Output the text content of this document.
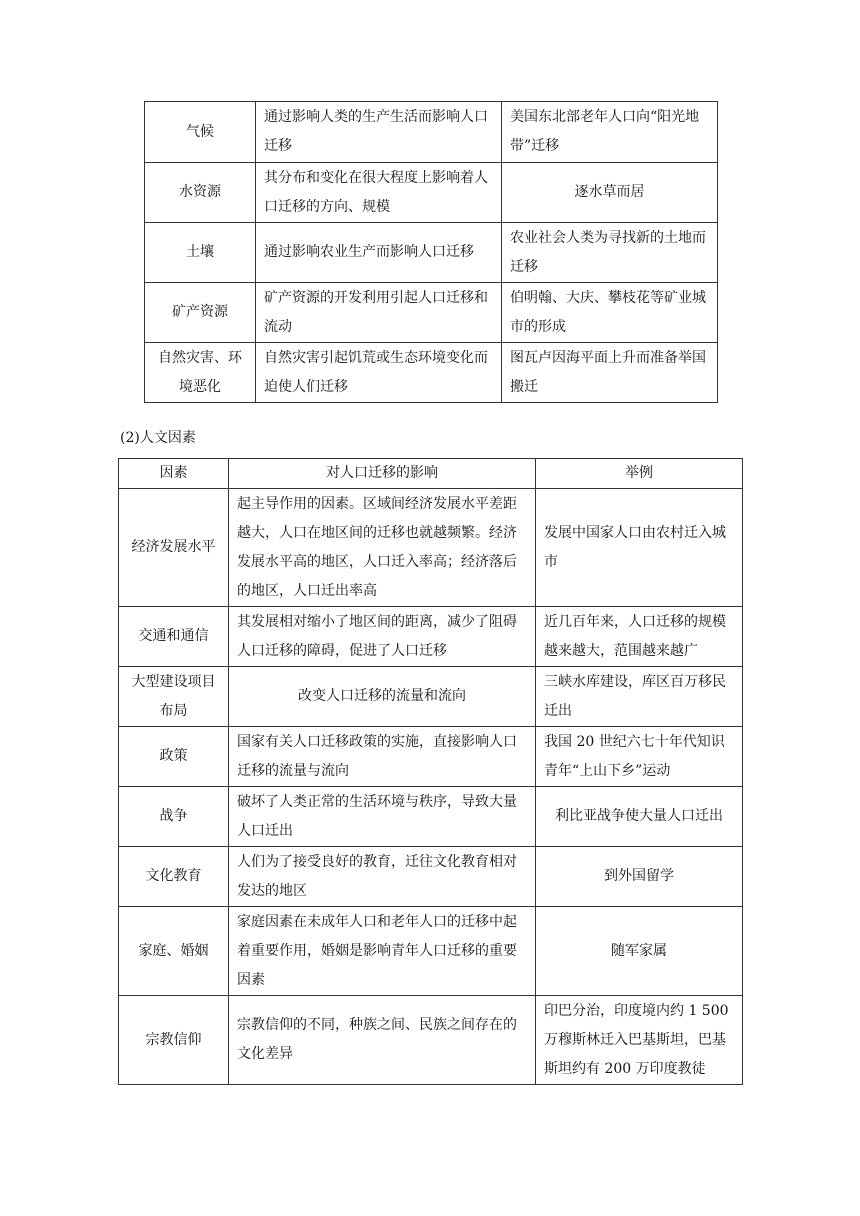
气候	通过影响人类的生产生活而影响人口迁移	美国东北部老年人口向“阳光地带”迁移
水资源	其分布和变化在很大程度上影响着人口迁移的方向、规模	逐水草而居
土壤	通过影响农业生产而影响人口迁移	农业社会人类为寻找新的土地而迁移
矿产资源	矿产资源的开发利用引起人口迁移和流动	伯明翰、大庆、攀枝花等矿业城市的形成
自然灾害、环境恶化	自然灾害引起饥荒或生态环境变化而迫使人们迁移	图瓦卢因海平面上升而准备举国搬迁
(2)人文因素
因素	对人口迁移的影响	举例
经济发展水平	起主导作用的因素。区域间经济发展水平差距越大，人口在地区间的迁移也就越频繁。经济发展水平高的地区，人口迁入率高；经济落后的地区，人口迁出率高	发展中国家人口由农村迁入城市
交通和通信	其发展相对缩小了地区间的距离，减少了阻碍人口迁移的障碍，促进了人口迁移	近几百年来，人口迁移的规模越来越大，范围越来越广
大型建设项目布局	改变人口迁移的流量和流向	三峡水库建设，库区百万移民迁出
政策	国家有关人口迁移政策的实施，直接影响人口迁移的流量与流向	我国 20 世纪六七十年代知识青年“上山下乡”运动
战争	破坏了人类正常的生活环境与秩序，导致大量人口迁出	利比亚战争使大量人口迁出
文化教育	人们为了接受良好的教育，迁往文化教育相对发达的地区	到外国留学
家庭、婚姻	家庭因素在未成年人口和老年人口的迁移中起着重要作用，婚姻是影响青年人口迁移的重要因素	随军家属
宗教信仰	宗教信仰的不同，种族之间、民族之间存在的文化差异	印巴分治，印度境内约 1 500 万穆斯林迁入巴基斯坦，巴基斯坦约有 200 万印度教徒
